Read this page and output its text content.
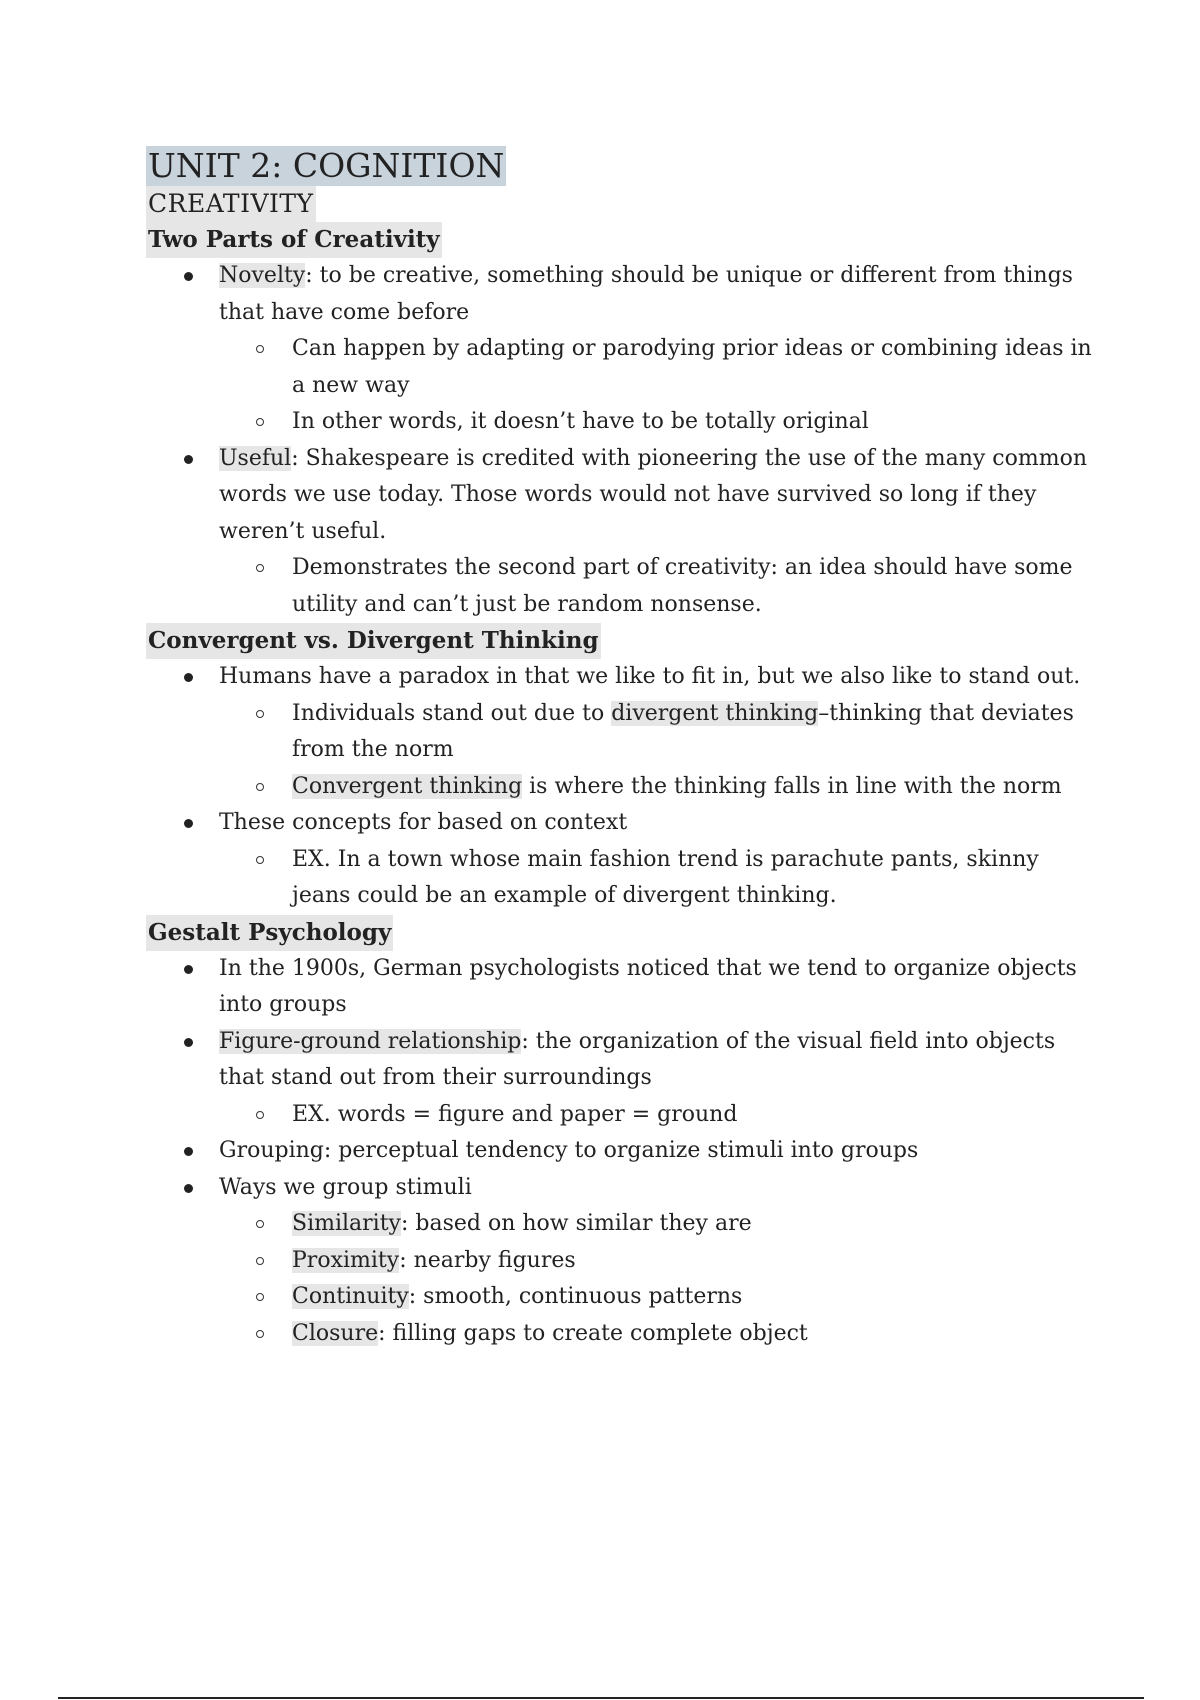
UNIT 2: COGNITION
CREATIVITY
Two Parts of Creativity
Novelty: to be creative, something should be unique or different from things that have come before
Can happen by adapting or parodying prior ideas or combining ideas in a new way
In other words, it doesn’t have to be totally original
Useful: Shakespeare is credited with pioneering the use of the many common words we use today. Those words would not have survived so long if they weren’t useful.
Demonstrates the second part of creativity: an idea should have some utility and can’t just be random nonsense.
Convergent vs. Divergent Thinking
Humans have a paradox in that we like to fit in, but we also like to stand out.
Individuals stand out due to divergent thinking–thinking that deviates from the norm
Convergent thinking is where the thinking falls in line with the norm
These concepts for based on context
EX. In a town whose main fashion trend is parachute pants, skinny jeans could be an example of divergent thinking.
Gestalt Psychology
In the 1900s, German psychologists noticed that we tend to organize objects into groups
Figure-ground relationship: the organization of the visual field into objects that stand out from their surroundings
EX. words = figure and paper = ground
Grouping: perceptual tendency to organize stimuli into groups
Ways we group stimuli
Similarity: based on how similar they are
Proximity: nearby figures
Continuity: smooth, continuous patterns
Closure: filling gaps to create complete object
